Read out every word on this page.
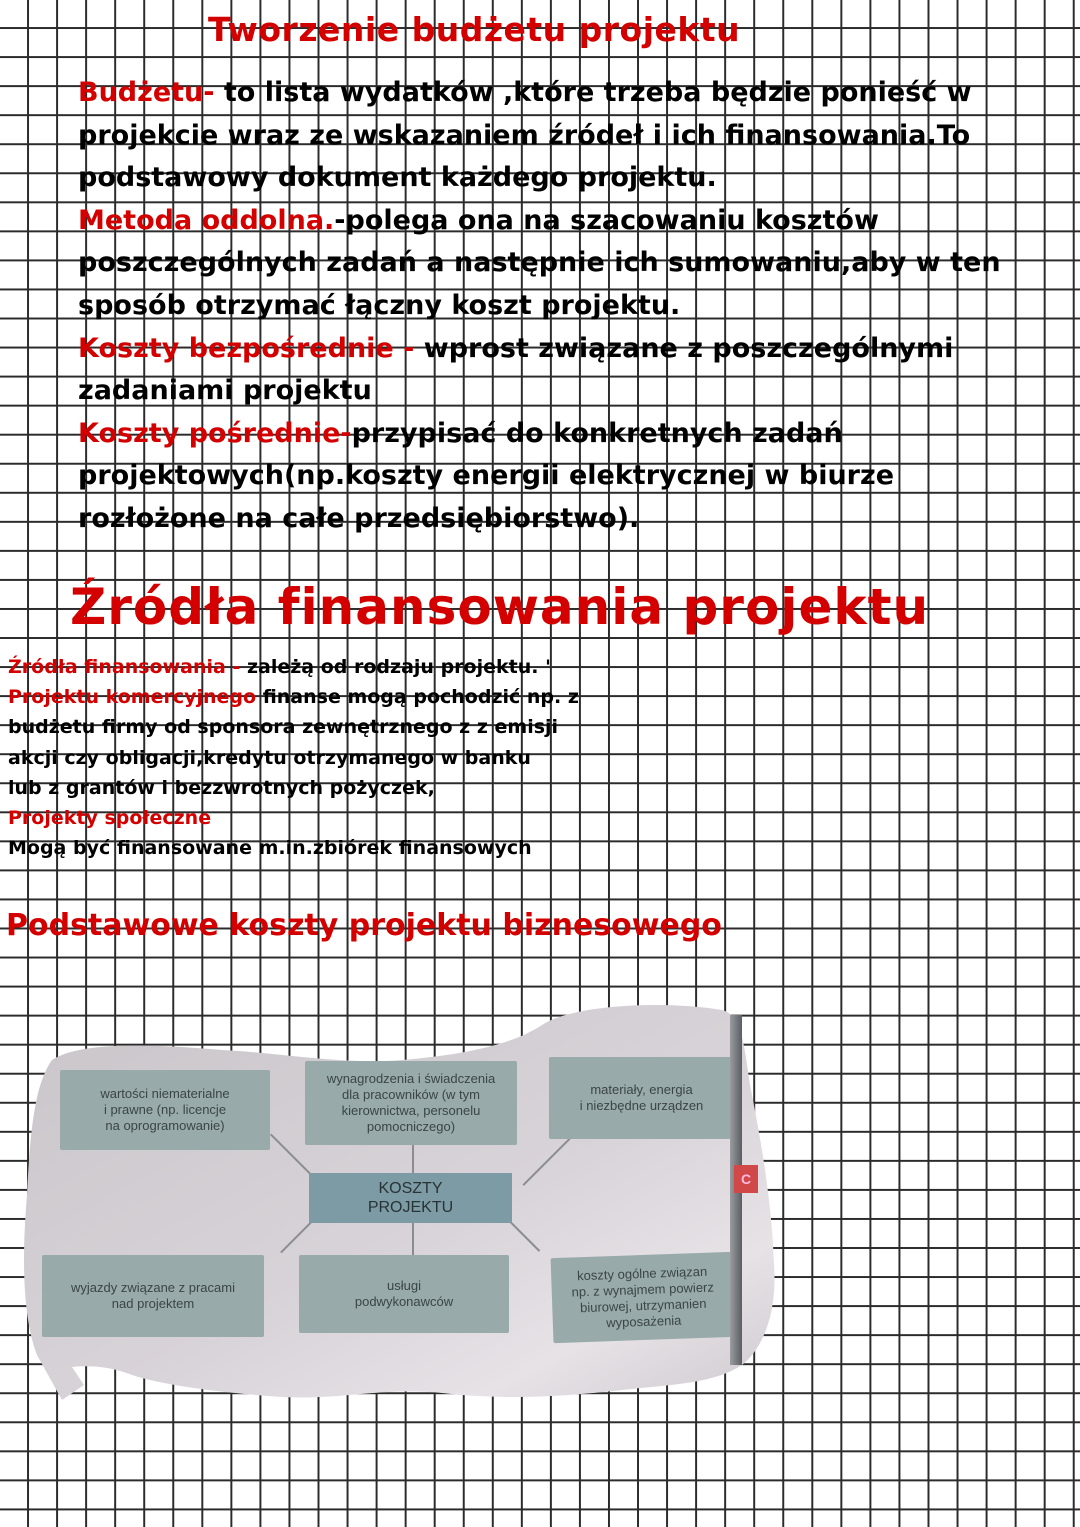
Tworzenie budżetu projektu
Budżetu- to lista wydatków ,które trzeba będzie ponieść w
projekcie wraz ze wskazaniem źródeł i ich finansowania.To
podstawowy dokument każdego projektu.
Metoda oddolna.-polega ona na szacowaniu kosztów
poszczególnych zadań a następnie ich sumowaniu,aby w ten
sposób otrzymać łączny koszt projektu.
Koszty bezpośrednie - wprost związane z poszczególnymi
zadaniami projektu
Koszty pośrednie-przypisać do konkretnych zadań
projektowych(np.koszty energii elektrycznej w biurze
rozłożone na całe przedsiębiorstwo).
Źródła finansowania projektu
Źródła finansowania - zależą od rodzaju projektu. '
Projektu komercyjnego finanse mogą pochodzić np. z
budżetu firmy od sponsora zewnętrznego z z emisji
akcji czy obligacji,kredytu otrzymanego w banku
lub z grantów i bezzwrotnych pożyczek,
Projekty społeczne
Mogą być finansowane m.in.zbiórek finansowych
Podstawowe koszty projektu biznesowego
wartości niematerialne
i prawne (np. licencje
na oprogramowanie)
wynagrodzenia i świadczenia
dla pracowników (w tym
kierownictwa, personelu
pomocniczego)
materiały, energia
i niezbędne urządzen
KOSZTY
PROJEKTU
wyjazdy związane z pracami
nad projektem
usługi
podwykonawców
koszty ogólne związan
np. z wynajmem powierz
biurowej, utrzymanien
wyposażenia
C
